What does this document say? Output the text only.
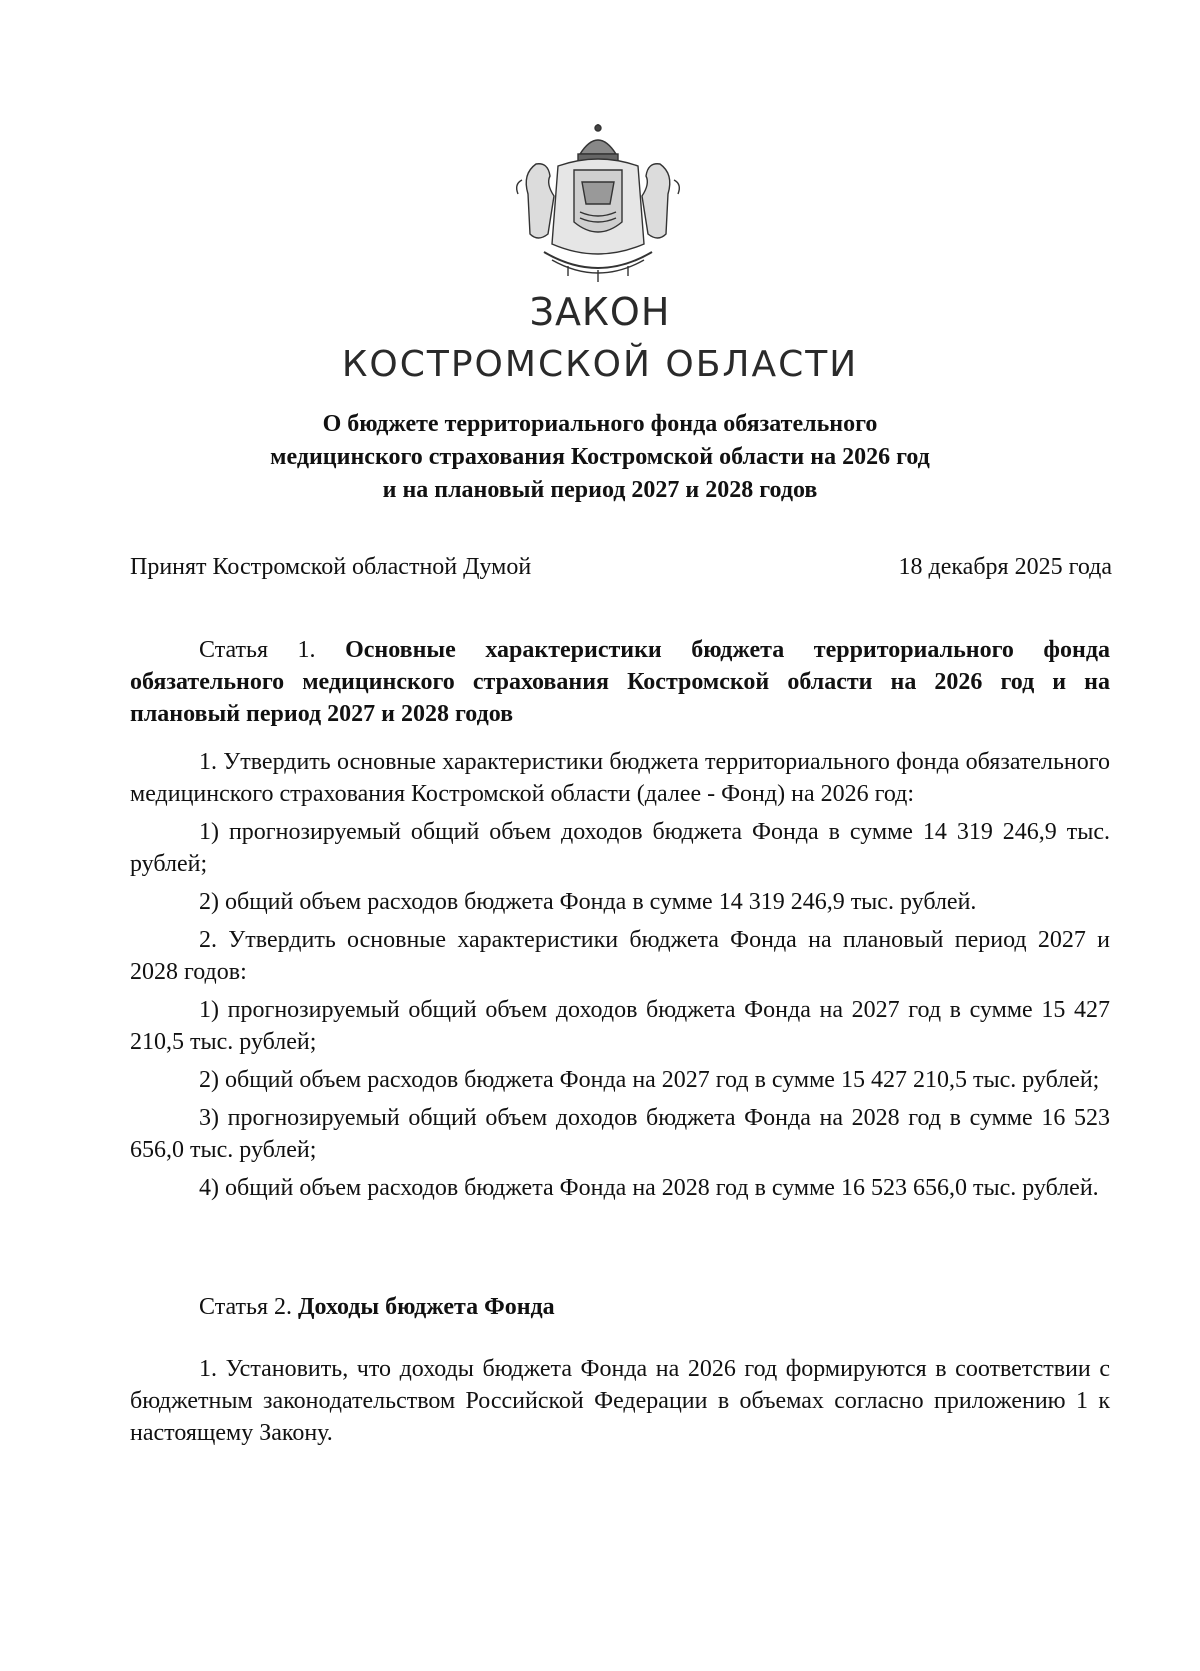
ЗАКОН
КОСТРОМСКОЙ ОБЛАСТИ
О бюджете территориального фонда обязательного
медицинского страхования Костромской области на 2026 год
и на плановый период 2027 и 2028 годов
Принят Костромской областной Думой	18 декабря 2025 года
Статья 1. Основные характеристики бюджета территориального фонда обязательного медицинского страхования Костромской области на 2026 год и на плановый период 2027 и 2028 годов

1. Утвердить основные характеристики бюджета территориального фонда обязательного медицинского страхования Костромской области (далее - Фонд) на 2026 год:

1) прогнозируемый общий объем доходов бюджета Фонда в сумме 14 319 246,9 тыс. рублей;

2) общий объем расходов бюджета Фонда в сумме 14 319 246,9 тыс. рублей.

2. Утвердить основные характеристики бюджета Фонда на плановый период 2027 и 2028 годов:

1) прогнозируемый общий объем доходов бюджета Фонда на 2027 год в сумме 15 427 210,5 тыс. рублей;

2) общий объем расходов бюджета Фонда на 2027 год в сумме 15 427 210,5 тыс. рублей;

3) прогнозируемый общий объем доходов бюджета Фонда на 2028 год в сумме 16 523 656,0 тыс. рублей;

4) общий объем расходов бюджета Фонда на 2028 год в сумме 16 523 656,0 тыс. рублей.

Статья 2. Доходы бюджета Фонда

1. Установить, что доходы бюджета Фонда на 2026 год формируются в соответствии с бюджетным законодательством Российской Федерации в объемах согласно приложению 1 к настоящему Закону.
